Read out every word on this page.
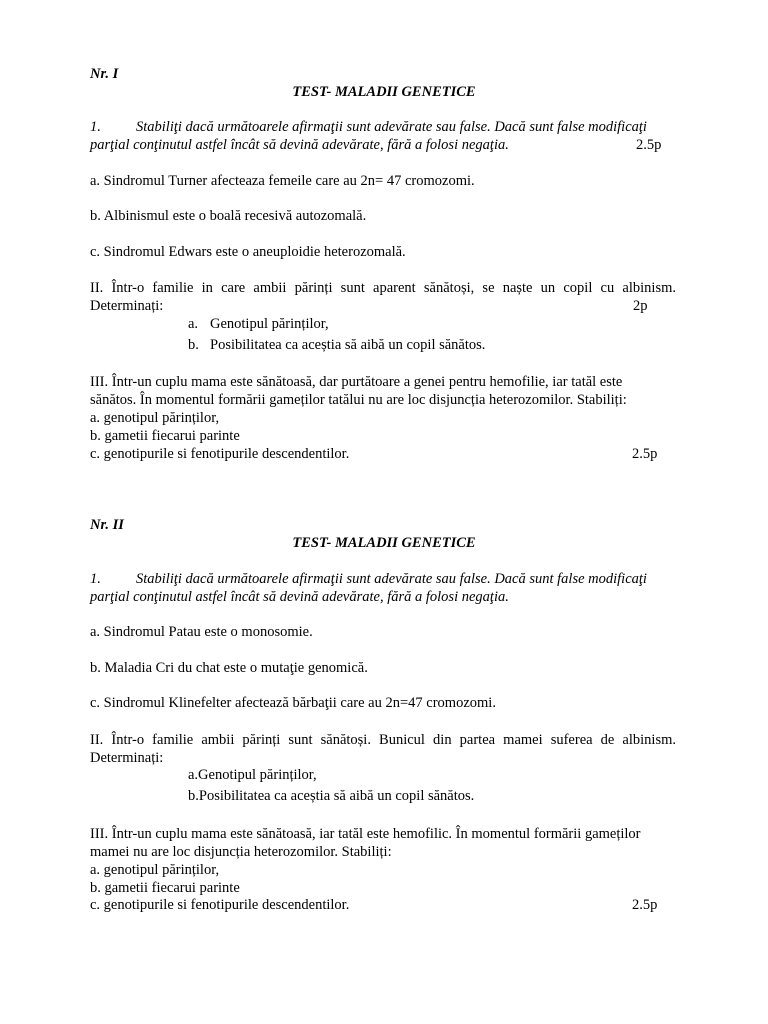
Nr. I
TEST- MALADII GENETICE
1. Stabiliţi dacă următoarele afirmaţii sunt adevărate sau false. Dacă sunt false modificaţi
parţial conţinutul astfel încât să devină adevărate, fără a folosi negaţia.	2.5p
a. Sindromul Turner afecteaza femeile care au 2n= 47 cromozomi.
b. Albinismul este o boală recesivă autozomală.
c. Sindromul Edwars este o aneuploidie heterozomală.
II. Într-o familie in care ambii părinți sunt aparent sănătoși, se naște un copil cu albinism.
Determinați:	2p
a. Genotipul părinților,
b. Posibilitatea ca aceștia să aibă un copil sănătos.
III. Într-un cuplu mama este sănătoasă, dar purtătoare a genei pentru hemofilie, iar tatăl este
sănătos. În momentul formării gameților tatălui nu are loc disjuncția heterozomilor. Stabiliți:
a. genotipul părinților,
b. gametii fiecarui parinte
c. genotipurile si fenotipurile descendentilor.	2.5p
Nr. II
TEST- MALADII GENETICE
1. Stabiliţi dacă următoarele afirmaţii sunt adevărate sau false. Dacă sunt false modificaţi
parţial conţinutul astfel încât să devină adevărate, fără a folosi negaţia.
a. Sindromul Patau este o monosomie.
b. Maladia Cri du chat este o mutaţie genomică.
c. Sindromul Klinefelter afectează bărbaţii care au 2n=47 cromozomi.
II. Într-o familie ambii părinți sunt sănătoși. Bunicul din partea mamei suferea de albinism.
Determinați:
a.Genotipul părinților,
b.Posibilitatea ca aceștia să aibă un copil sănătos.
III. Într-un cuplu mama este sănătoasă, iar tatăl este hemofilic. În momentul formării gameților
mamei nu are loc disjuncția heterozomilor. Stabiliți:
a. genotipul părinților,
b. gametii fiecarui parinte
c. genotipurile si fenotipurile descendentilor.	2.5p
